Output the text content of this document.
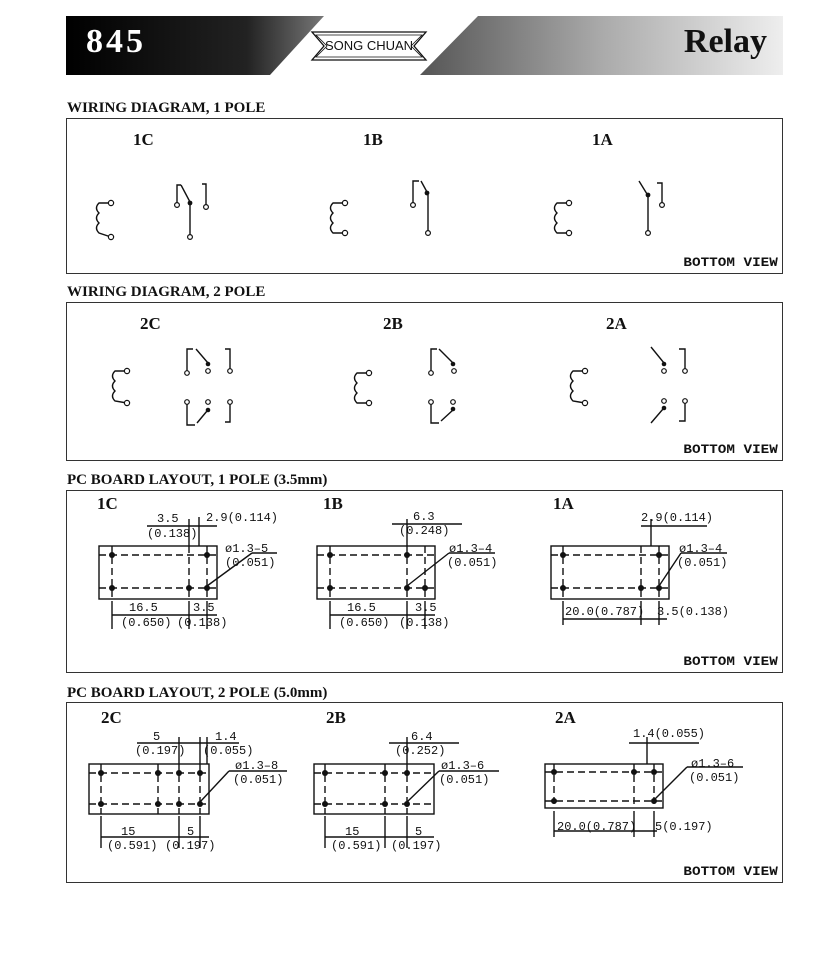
845	SONG CHUAN	Relay
WIRING DIAGRAM, 1 POLE
1C	1B	1A
BOTTOM VIEW
WIRING DIAGRAM, 2 POLE
2C	2B	2A
BOTTOM VIEW
PC BOARD LAYOUT, 1 POLE (3.5mm)
1C	1B	1A
3.5
(0.138)
2.9(0.114)
ø1.3–5
(0.051)
16.5
(0.650)
3.5
(0.138)
6.3
(0.248)
ø1.3–4
(0.051)
16.5
(0.650)
3.5
(0.138)
2.9(0.114)
ø1.3–4
(0.051)
20.0(0.787) 3.5(0.138)
BOTTOM VIEW
PC BOARD LAYOUT, 2 POLE (5.0mm)
2C	2B	2A
5
(0.197)
1.4
(0.055)
ø1.3–8
(0.051)
15
(0.591)
5
(0.197)
6.4
(0.252)
ø1.3–6
(0.051)
15
(0.591)
5
(0.197)
1.4(0.055)
ø1.3–6
(0.051)
20.0(0.787) 5(0.197)
BOTTOM VIEW
